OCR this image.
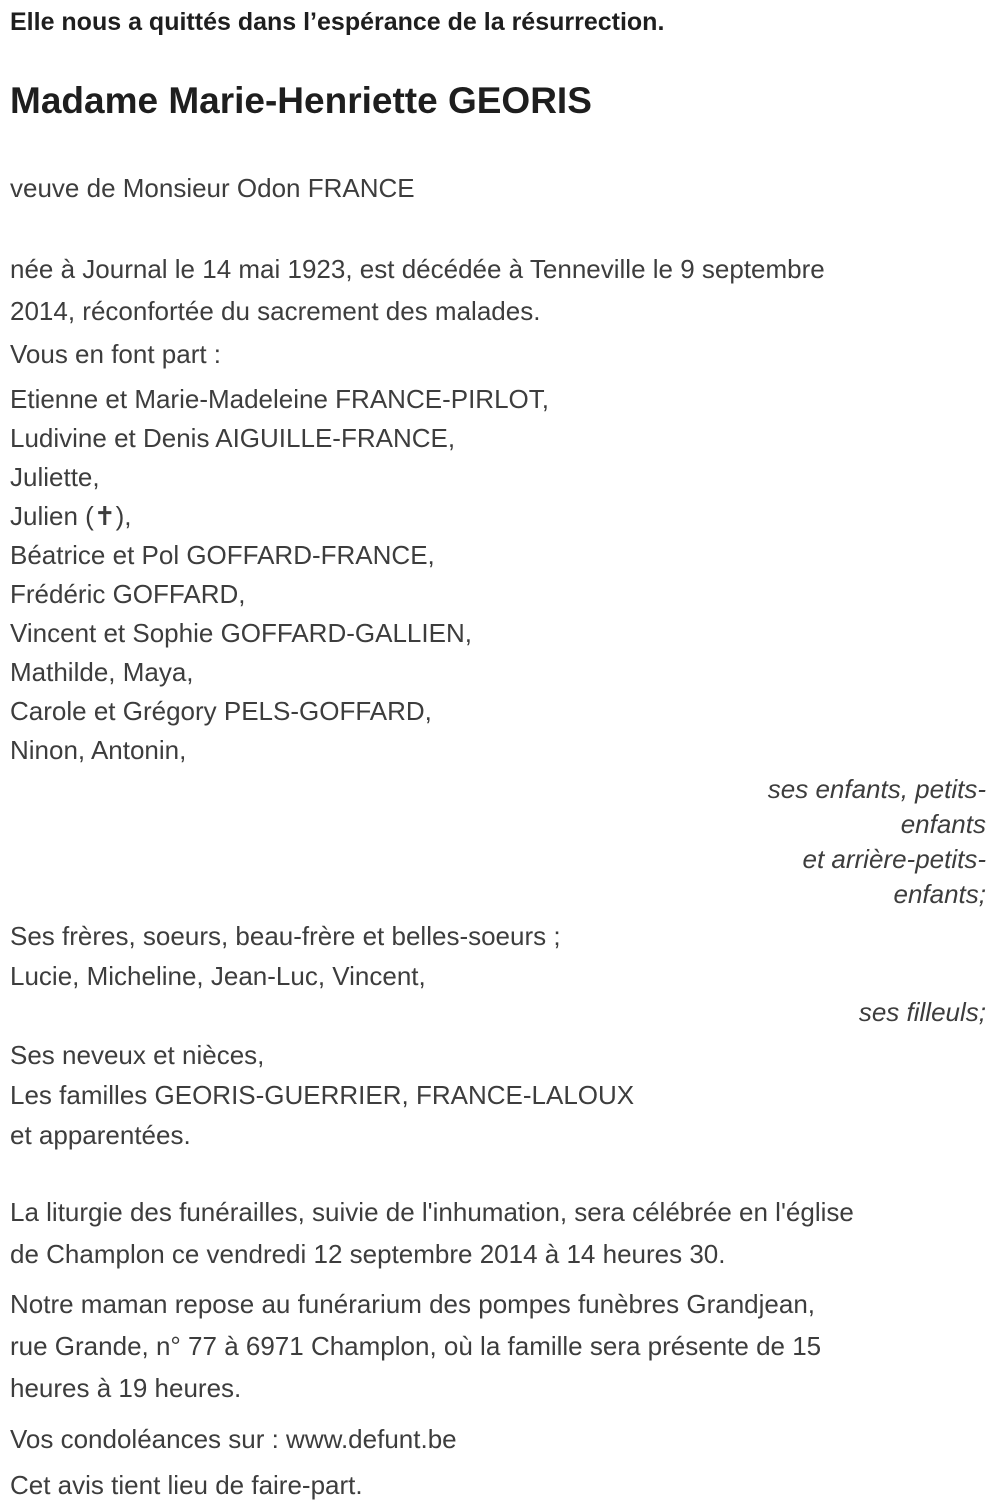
Elle nous a quittés dans l’espérance de la résurrection.

Madame Marie-Henriette GEORIS
veuve de Monsieur Odon FRANCE
née à Journal le 14 mai 1923, est décédée à Tenneville le 9 septembre
2014, réconfortée du sacrement des malades.
Vous en font part :
Etienne et Marie-Madeleine FRANCE-PIRLOT,
Ludivine et Denis AIGUILLE-FRANCE,
Juliette,
Julien (✝),
Béatrice et Pol GOFFARD-FRANCE,
Frédéric GOFFARD,
Vincent et Sophie GOFFARD-GALLIEN,
Mathilde, Maya,
Carole et Grégory PELS-GOFFARD,
Ninon, Antonin,
ses enfants, petits-
enfants
et arrière-petits-
enfants;
Ses frères, soeurs, beau-frère et belles-soeurs ;
Lucie, Micheline, Jean-Luc, Vincent,
ses filleuls;
Ses neveux et nièces,
Les familles GEORIS-GUERRIER, FRANCE-LALOUX
et apparentées.
La liturgie des funérailles, suivie de l'inhumation, sera célébrée en l'église
de Champlon ce vendredi 12 septembre 2014 à 14 heures 30.
Notre maman repose au funérarium des pompes funèbres Grandjean,
rue Grande, n° 77 à 6971 Champlon, où la famille sera présente de 15
heures à 19 heures.
Vos condoléances sur : www.defunt.be
Cet avis tient lieu de faire-part.
